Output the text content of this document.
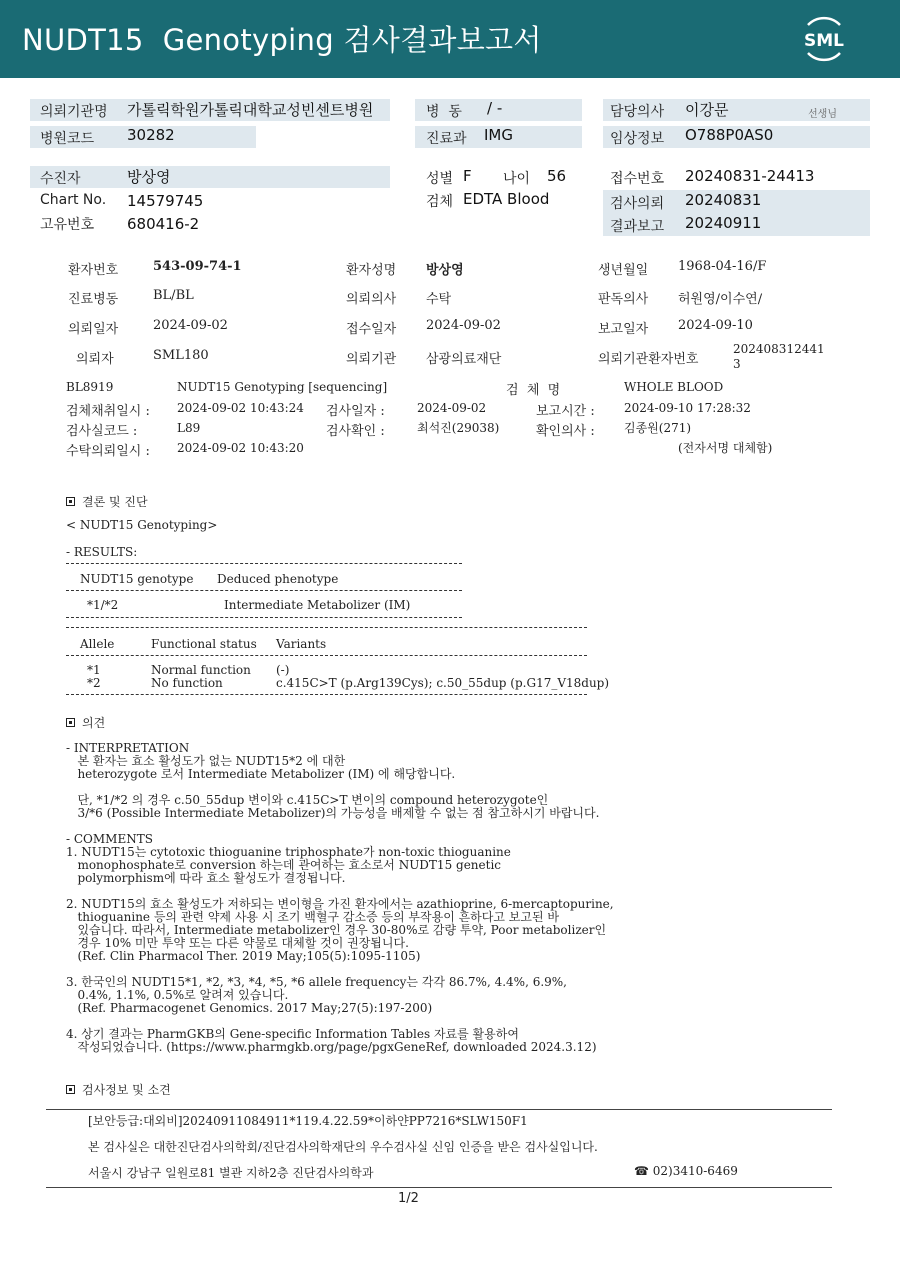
NUDT15  Genotyping 검사결과보고서	SML
의뢰기관명 가톨릭학원가톨릭대학교성빈센트병원
병원코드 30282
병  동 / -
진료과 IMG
담당의사 이강문	선생님
임상정보 O788P0AS0
수진자	방상영
Chart No. 14579745
고유번호 680416-2
성별 F 나이 56
검체 EDTA Blood
접수번호 20240831-24413
검사의뢰 20240831
결과보고 20240911
환자번호	543-09-74-1	환자성명 방상영	생년월일 1968-04-16/F
진료병동	BL/BL	의뢰의사 수탁	판독의사 허원영/이수연/
의뢰일자	2024-09-02	접수일자 2024-09-02	보고일자 2024-09-10
의뢰자	SML180	의뢰기관 삼광의료재단	의뢰기관환자번호
202408312441
3
BL8919	NUDT15 Genotyping [sequencing]	검  체  명	WHOLE BLOOD
검체채취일시 : 2024-09-02 10:43:24 검사일자 :	2024-09-02	보고시간 : 2024-09-10 17:28:32
검사실코드 :	L89	검사확인 :	최석진(29038)	확인의사 : 김종원(271)
수탁의뢰일시 : 2024-09-02 10:43:20	(전자서명 대체함)
결론 및 진단
< NUDT15 Genotyping>
- RESULTS:
NUDT15 genotype Deduced phenotype
*1/*2	Intermediate Metabolizer (IM)
Allele	Functional status Variants
*1	Normal function (-)
*2	No function	c.415C>T (p.Arg139Cys); c.50_55dup (p.G17_V18dup)
의견
- INTERPRETATION
본 환자는 효소 활성도가 없는 NUDT15*2 에 대한
heterozygote 로서 Intermediate Metabolizer (IM) 에 해당합니다.
단, *1/*2 의 경우 c.50_55dup 변이와 c.415C>T 변이의 compound heterozygote인
3/*6 (Possible Intermediate Metabolizer)의 가능성을 배제할 수 없는 점 참고하시기 바랍니다.
- COMMENTS
1. NUDT15는 cytotoxic thioguanine triphosphate가 non-toxic thioguanine
monophosphate로 conversion 하는데 관여하는 효소로서 NUDT15 genetic
polymorphism에 따라 효소 활성도가 결정됩니다.
2. NUDT15의 효소 활성도가 저하되는 변이형을 가진 환자에서는 azathioprine, 6-mercaptopurine,
thioguanine 등의 관련 약제 사용 시 조기 백혈구 감소증 등의 부작용이 흔하다고 보고된 바
있습니다. 따라서, Intermediate metabolizer인 경우 30-80%로 감량 투약, Poor metabolizer인
경우 10% 미만 투약 또는 다른 약물로 대체할 것이 권장됩니다.
(Ref. Clin Pharmacol Ther. 2019 May;105(5):1095-1105)
3. 한국인의 NUDT15*1, *2, *3, *4, *5, *6 allele frequency는 각각 86.7%, 4.4%, 6.9%,
0.4%, 1.1%, 0.5%로 알려져 있습니다.
(Ref. Pharmacogenet Genomics. 2017 May;27(5):197-200)
4. 상기 결과는 PharmGKB의 Gene-specific Information Tables 자료를 활용하여
작성되었습니다. (https://www.pharmgkb.org/page/pgxGeneRef, downloaded 2024.3.12)
검사정보 및 소견
[보안등급:대외비]20240911084911*119.4.22.59*이하얀PP7216*SLW150F1
본 검사실은 대한진단검사의학회/진단검사의학재단의 우수검사실 신임 인증을 받은 검사실입니다.
서울시 강남구 일원로81 별관 지하2층 진단검사의학과	☎ 02)3410-6469
1/2
